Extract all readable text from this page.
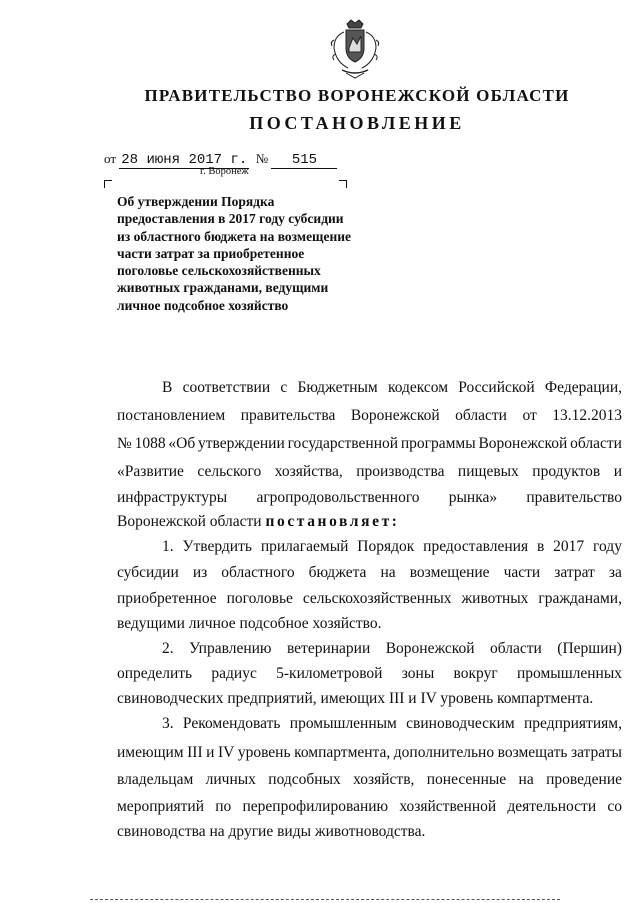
ПРАВИТЕЛЬСТВО ВОРОНЕЖСКОЙ ОБЛАСТИ
ПОСТАНОВЛЕНИЕ
от 28 июня 2017 г. № 515
г. Воронеж
Об утверждении Порядка предоставления в 2017 году субсидии из областного бюджета на возмещение части затрат за приобретенное поголовье сельскохозяйственных животных гражданами, ведущими личное подсобное хозяйство
В соответствии с Бюджетным кодексом Российской Федерации,
постановлением правительства Воронежской области от 13.12.2013
№ 1088 «Об утверждении государственной программы Воронежской области
«Развитие сельского хозяйства, производства пищевых продуктов и
инфраструктуры агропродовольственного рынка» правительство
Воронежской области постановляет:
1. Утвердить прилагаемый Порядок предоставления в 2017 году
субсидии из областного бюджета на возмещение части затрат за
приобретенное поголовье сельскохозяйственных животных гражданами,
ведущими личное подсобное хозяйство.
2. Управлению ветеринарии Воронежской области (Першин)
определить радиус 5-километровой зоны вокруг промышленных
свиноводческих предприятий, имеющих III и IV уровень компартмента.
3. Рекомендовать промышленным свиноводческим предприятиям,
имеющим III и IV уровень компартмента, дополнительно возмещать затраты
владельцам личных подсобных хозяйств, понесенные на проведение
мероприятий по перепрофилированию хозяйственной деятельности со
свиноводства на другие виды животноводства.
